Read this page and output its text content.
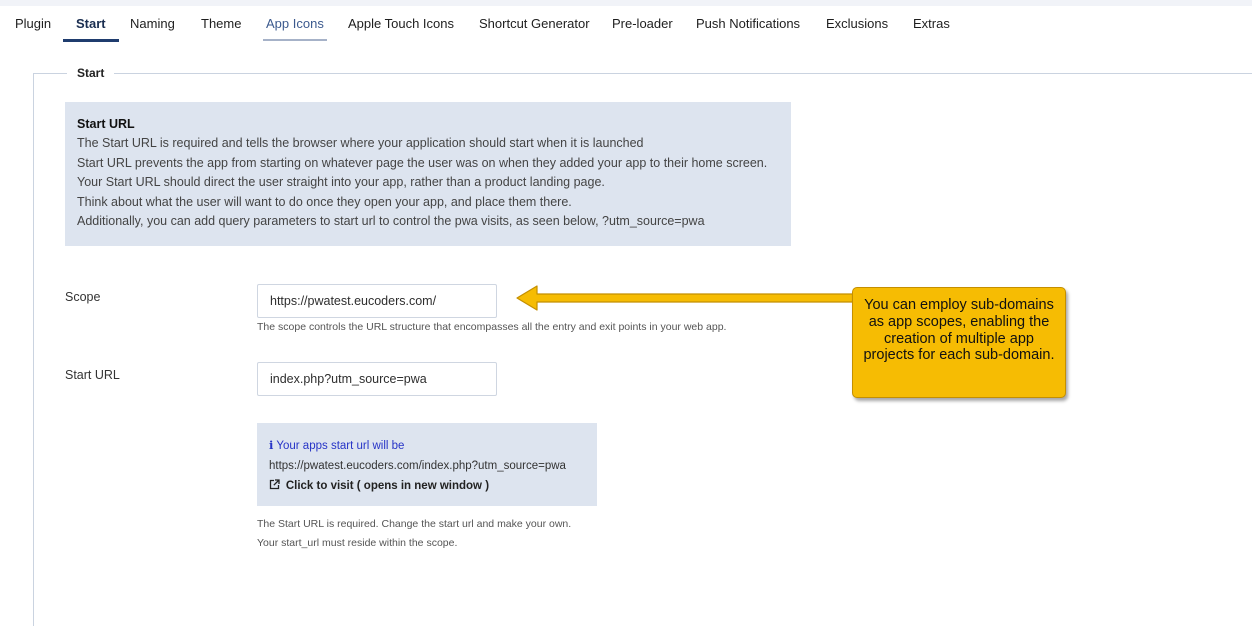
Plugin	Start	Naming Theme App Icons Apple Touch Icons Shortcut Generator Pre-loader Push Notifications Exclusions Extras
Start
Start URL
The Start URL is required and tells the browser where your application should start when it is launched
Start URL prevents the app from starting on whatever page the user was on when they added your app to their home screen.
Your Start URL should direct the user straight into your app, rather than a product landing page.
Think about what the user will want to do once they open your app, and place them there.
Additionally, you can add query parameters to start url to control the pwa visits, as seen below, ?utm_source=pwa
Scope	https://pwatest.eucoders.com/
The scope controls the URL structure that encompasses all the entry and exit points in your web app.
Start URL	index.php?utm_source=pwa
i Your apps start url will be
https://pwatest.eucoders.com/index.php?utm_source=pwa
Click to visit ( opens in new window )
The Start URL is required. Change the start url and make your own.
Your start_url must reside within the scope.
You can employ sub-domains as app scopes, enabling the creation of multiple app projects for each sub-domain.
